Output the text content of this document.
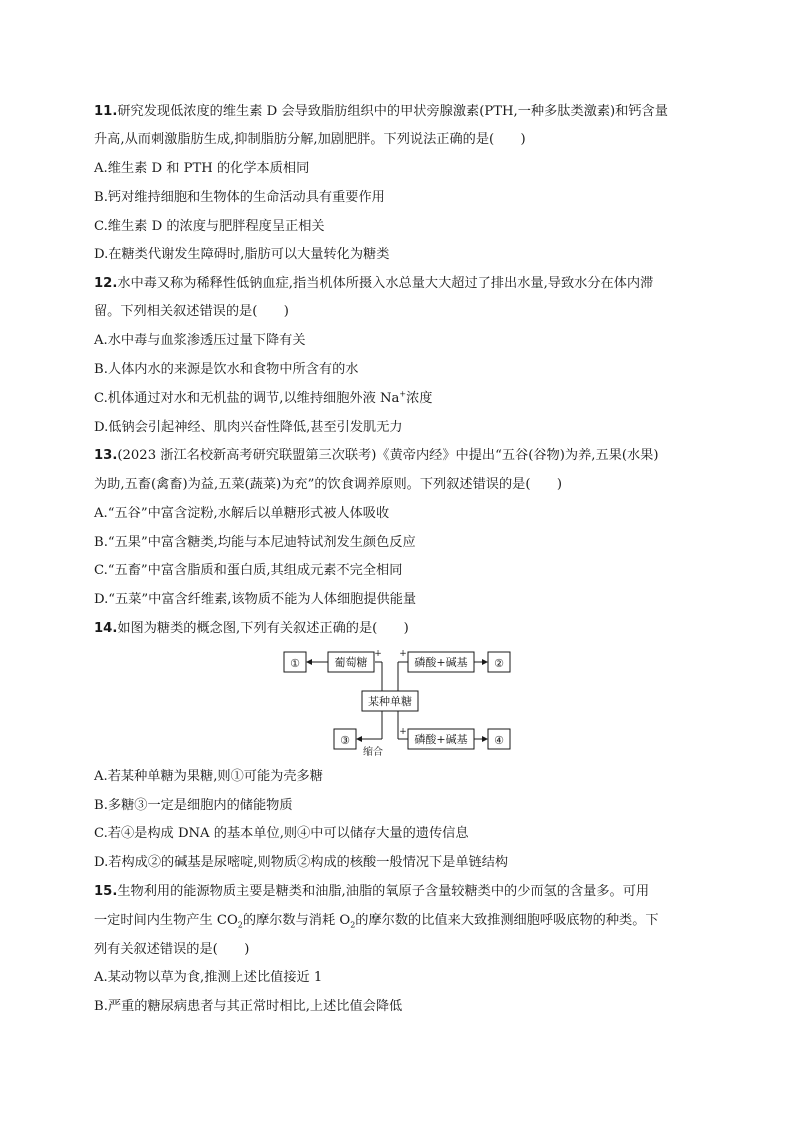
11.研究发现低浓度的维生素 D 会导致脂肪组织中的甲状旁腺激素(PTH,一种多肽类激素)和钙含量
升高,从而刺激脂肪生成,抑制脂肪分解,加剧肥胖。下列说法正确的是(　　)
A.维生素 D 和 PTH 的化学本质相同
B.钙对维持细胞和生物体的生命活动具有重要作用
C.维生素 D 的浓度与肥胖程度呈正相关
D.在糖类代谢发生障碍时,脂肪可以大量转化为糖类
12.水中毒又称为稀释性低钠血症,指当机体所摄入水总量大大超过了排出水量,导致水分在体内滞
留。下列相关叙述错误的是(　　)
A.水中毒与血浆渗透压过量下降有关
B.人体内水的来源是饮水和食物中所含有的水
C.机体通过对水和无机盐的调节,以维持细胞外液 Na+浓度
D.低钠会引起神经、肌肉兴奋性降低,甚至引发肌无力
13.(2023 浙江名校新高考研究联盟第三次联考)《黄帝内经》中提出“五谷(谷物)为养,五果(水果)
为助,五畜(禽畜)为益,五菜(蔬菜)为充”的饮食调养原则。下列叙述错误的是(　　)
A.“五谷”中富含淀粉,水解后以单糖形式被人体吸收
B.“五果”中富含糖类,均能与本尼迪特试剂发生颜色反应
C.“五畜”中富含脂质和蛋白质,其组成元素不完全相同
D.“五菜”中富含纤维素,该物质不能为人体细胞提供能量
14.如图为糖类的概念图,下列有关叙述正确的是(　　)
①	葡萄糖	磷酸+碱基 ②
某种单糖
③	磷酸+碱基 ④
缩合
+ +
+
A.若某种单糖为果糖,则①可能为壳多糖
B.多糖③一定是细胞内的储能物质
C.若④是构成 DNA 的基本单位,则④中可以储存大量的遗传信息
D.若构成②的碱基是尿嘧啶,则物质②构成的核酸一般情况下是单链结构
15.生物利用的能源物质主要是糖类和油脂,油脂的氧原子含量较糖类中的少而氢的含量多。可用
一定时间内生物产生 $CO_2$的摩尔数与消耗 $O_2$的摩尔数的比值来大致推测细胞呼吸底物的种类。下
列有关叙述错误的是(　　)
A.某动物以草为食,推测上述比值接近 1
B.严重的糖尿病患者与其正常时相比,上述比值会降低
